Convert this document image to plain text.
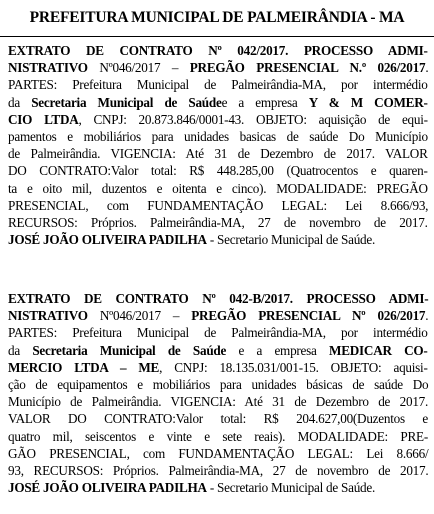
PREFEITURA MUNICIPAL DE PALMEIRÂNDIA - MA
EXTRATO DE CONTRATO Nº 042/2017. PROCESSO ADMI-
NISTRATIVO Nº046/2017 – PREGÃO PRESENCIAL N.º 026/2017.
PARTES: Prefeitura Municipal de Palmeirândia-MA, por intermédio
da Secretaria Municipal de Saúdee a empresa Y & M COMER-
CIO LTDA, CNPJ: 20.873.846/0001-43. OBJETO: aquisição de equi-
pamentos e mobiliários para unidades basicas de saúde Do Município
de Palmeirândia. VIGENCIA: Até 31 de Dezembro de 2017. VALOR
DO CONTRATO:Valor total: R$ 448.285,00 (Quatrocentos e quaren-
ta e oito mil, duzentos e oitenta e cinco). MODALIDADE: PREGÃO
PRESENCIAL, com FUNDAMENTAÇÃO LEGAL: Lei 8.666/93,
RECURSOS: Próprios. Palmeirândia-MA, 27 de novembro de 2017.
JOSÉ JOÃO OLIVEIRA PADILHA - Secretario Municipal de Saúde.
EXTRATO DE CONTRATO Nº 042-B/2017. PROCESSO ADMI-
NISTRATIVO Nº046/2017 – PREGÃO PRESENCIAL Nº 026/2017.
PARTES: Prefeitura Municipal de Palmeirândia-MA, por intermédio
da Secretaria Municipal de Saúde e a empresa MEDICAR CO-
MERCIO LTDA – ME, CNPJ: 18.135.031/001-15. OBJETO: aquisi-
ção de equipamentos e mobiliários para unidades básicas de saúde Do
Município de Palmeirândia. VIGENCIA: Até 31 de Dezembro de 2017.
VALOR DO CONTRATO:Valor total: R$ 204.627,00(Duzentos e
quatro mil, seiscentos e vinte e sete reais). MODALIDADE: PRE-
GÃO PRESENCIAL, com FUNDAMENTAÇÃO LEGAL: Lei 8.666/
93, RECURSOS: Próprios. Palmeirândia-MA, 27 de novembro de 2017.
JOSÉ JOÃO OLIVEIRA PADILHA - Secretario Municipal de Saúde.
